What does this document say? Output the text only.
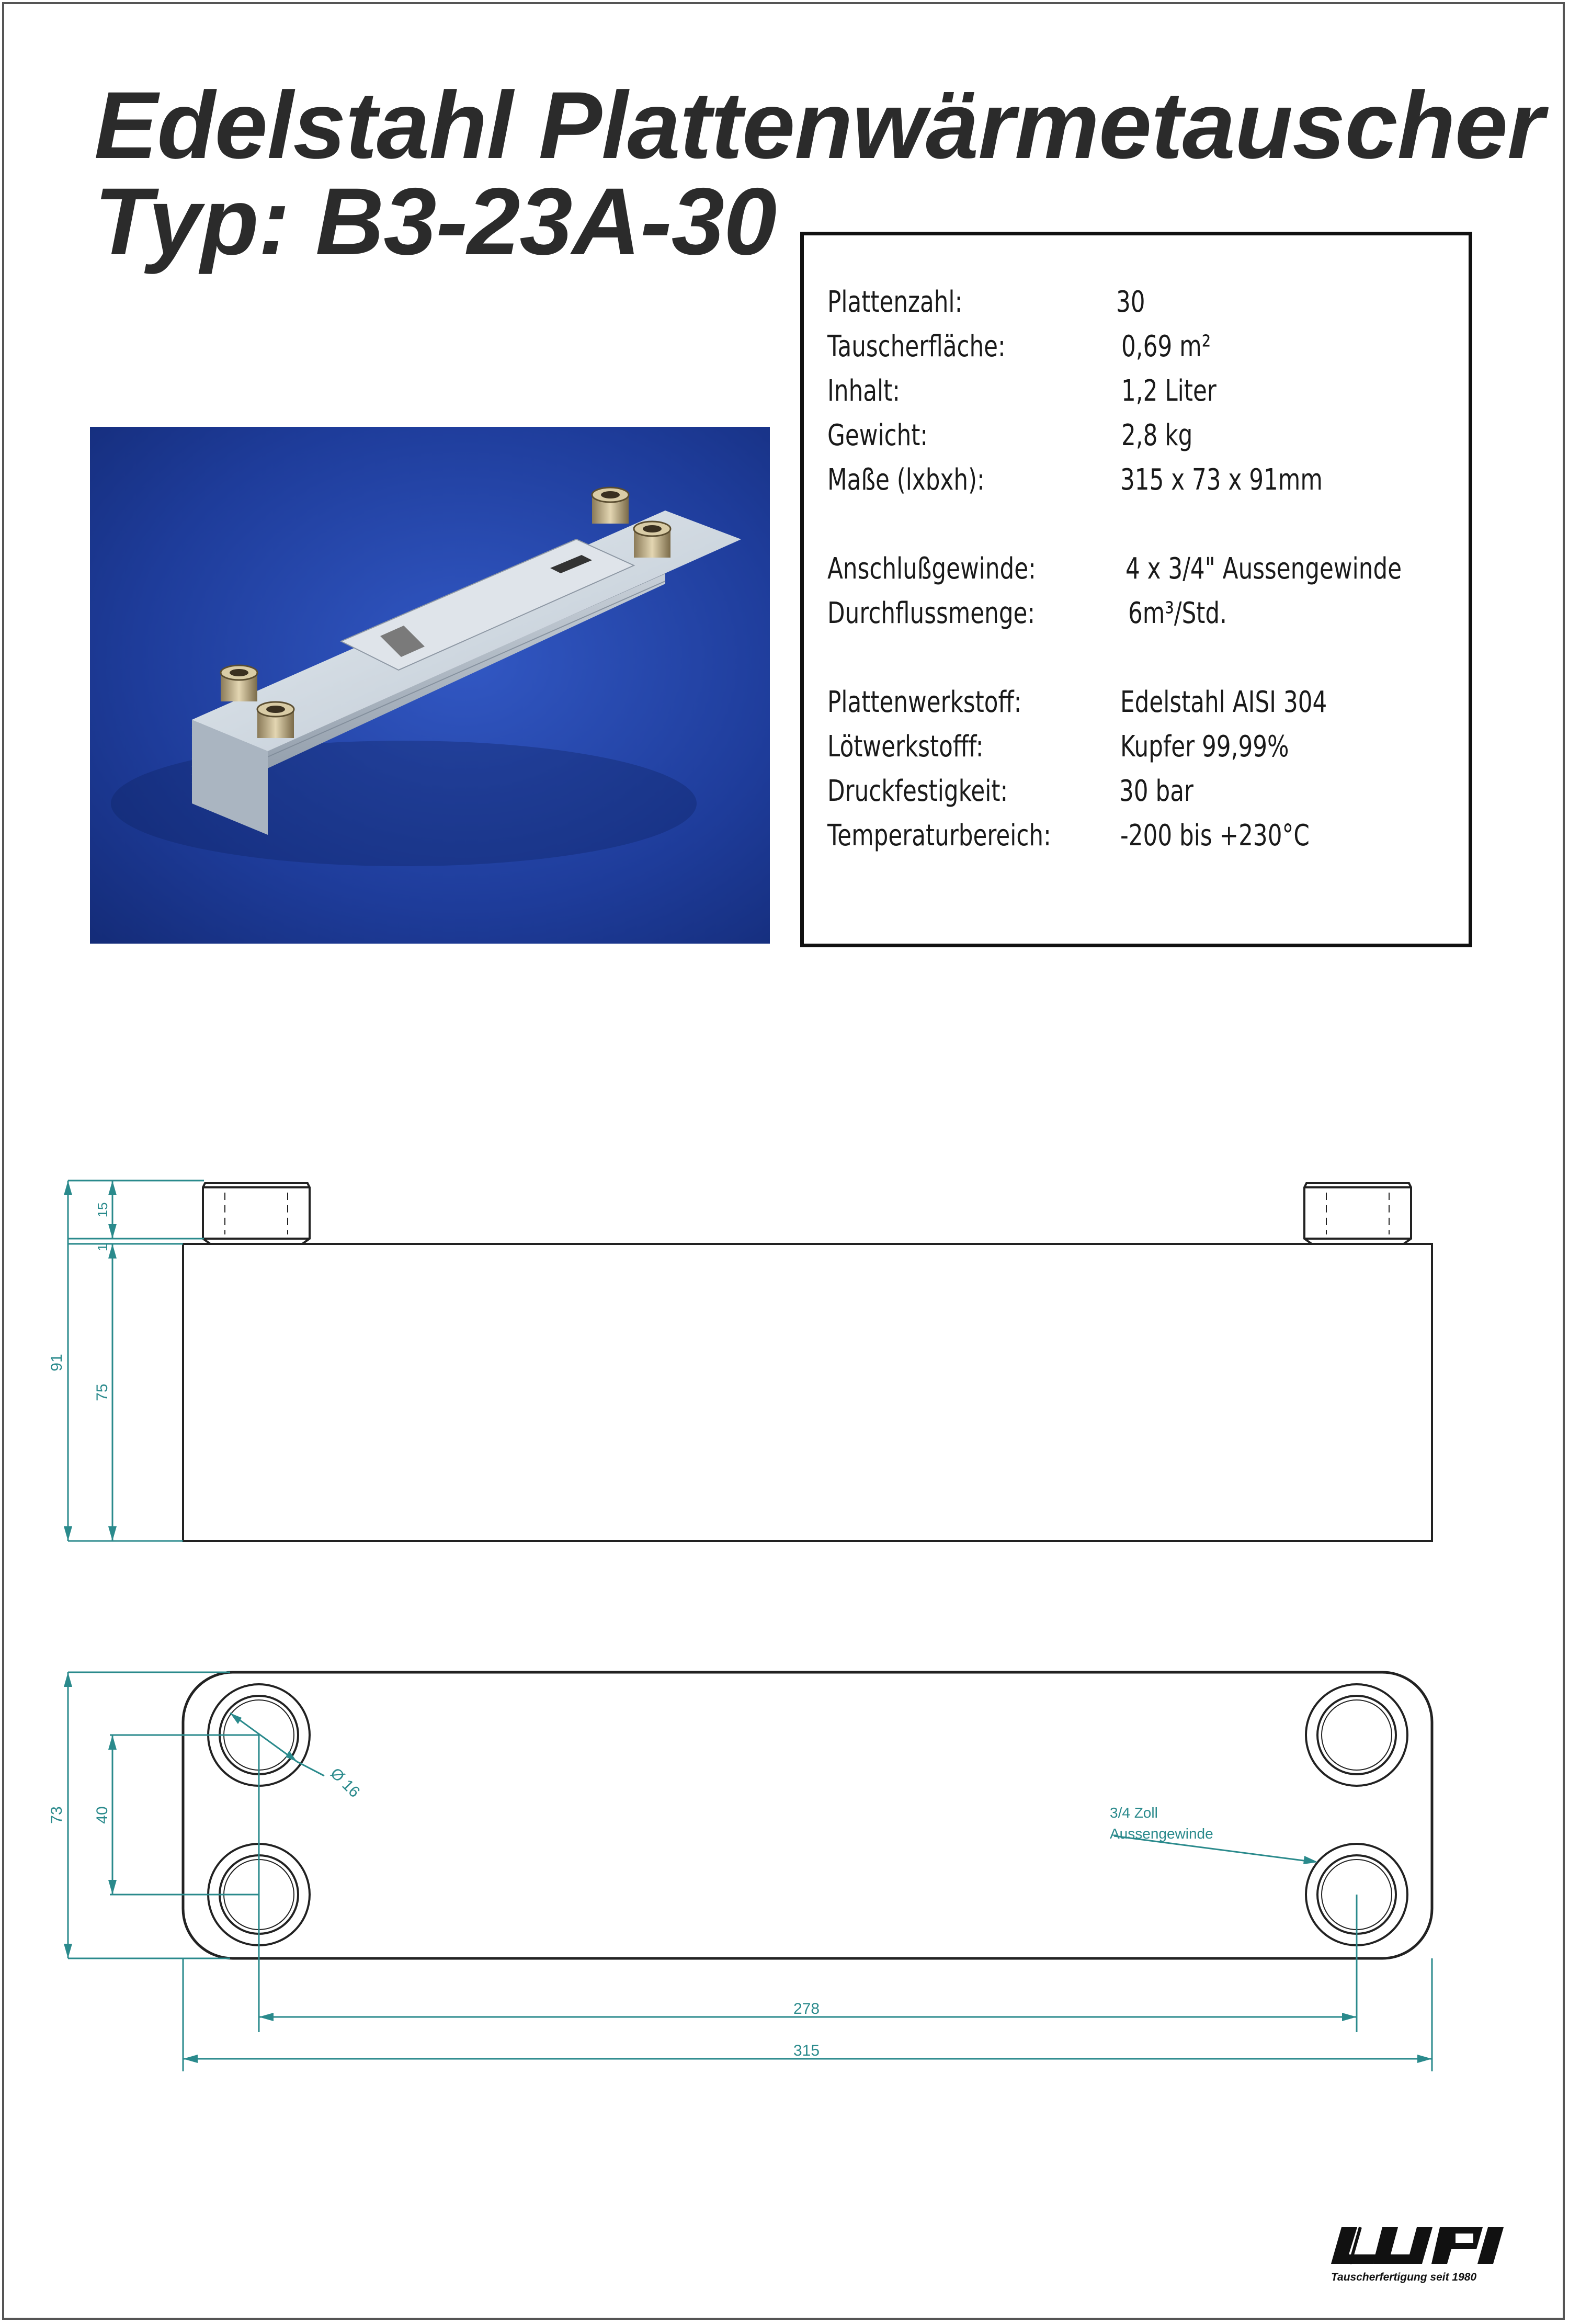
Edelstahl Plattenwärmetauscher
Typ: B3-23A-30
Plattenzahl:	30
Tauscherfläche:	0,69 m²
Inhalt:	1,2 Liter
Gewicht:	2,8 kg
Maße (lxbxh):	315 x 73 x 91mm
Anschlußgewinde:	4 x 3/4" Aussengewinde
Durchflussmenge:	6m³/Std.
Plattenwerkstoff:	Edelstahl AISI 304
Lötwerkstofff:	Kupfer 99,99%
Druckfestigkeit:	30 bar
Temperaturbereich: -200 bis +230°C
91
75
15
1
73 40
Ø 16
3/4 Zoll
Aussengewinde
278
315
Tauscherfertigung seit 1980
